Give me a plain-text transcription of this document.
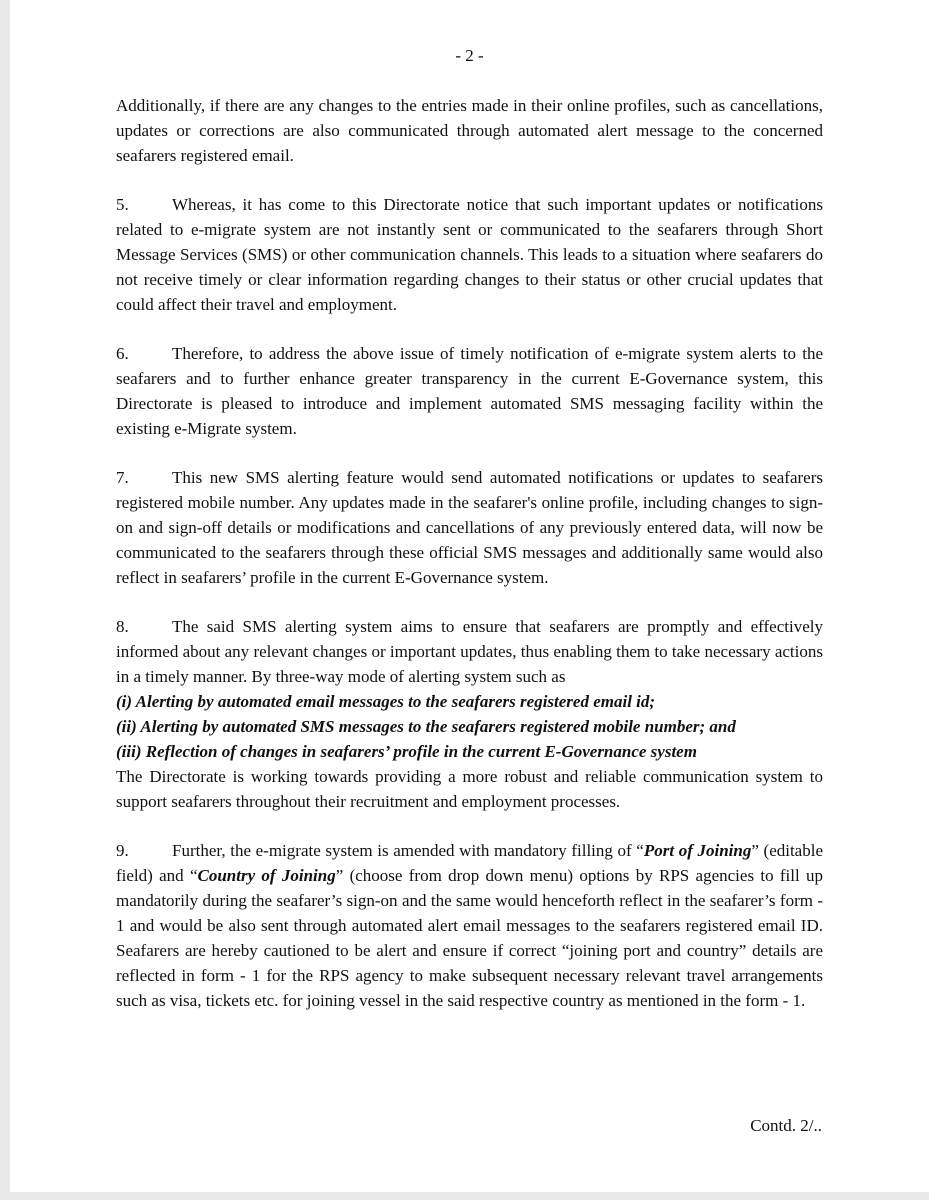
- 2 -

Additionally, if there are any changes to the entries made in their online profiles, such as cancellations, updates or corrections are also communicated through automated alert message to the concerned seafarers registered email.

5.	Whereas, it has come to this Directorate notice that such important updates or notifications related to e-migrate system are not instantly sent or communicated to the seafarers through Short Message Services (SMS) or other communication channels. This leads to a situation where seafarers do not receive timely or clear information regarding changes to their status or other crucial updates that could affect their travel and employment.

6.	Therefore, to address the above issue of timely notification of e-migrate system alerts to the seafarers and to further enhance greater transparency in the current E-Governance system, this Directorate is pleased to introduce and implement automated SMS messaging facility within the existing e-Migrate system.

7.	This new SMS alerting feature would send automated notifications or updates to seafarers registered mobile number. Any updates made in the seafarer's online profile, including changes to sign-on and sign-off details or modifications and cancellations of any previously entered data, will now be communicated to the seafarers through these official SMS messages and additionally same would also reflect in seafarers’ profile in the current E-Governance system.

8.	The said SMS alerting system aims to ensure that seafarers are promptly and effectively informed about any relevant changes or important updates, thus enabling them to take necessary actions in a timely manner. By three-way mode of alerting system such as
(i) Alerting by automated email messages to the seafarers registered email id;
(ii) Alerting by automated SMS messages to the seafarers registered mobile number; and
(iii) Reflection of changes in seafarers’ profile in the current E-Governance system
The Directorate is working towards providing a more robust and reliable communication system to support seafarers throughout their recruitment and employment processes.

9.	Further, the e-migrate system is amended with mandatory filling of “Port of Joining” (editable field) and “Country of Joining” (choose from drop down menu) options by RPS agencies to fill up mandatorily during the seafarer’s sign-on and the same would henceforth reflect in the seafarer’s form - 1 and would be also sent through automated alert email messages to the seafarers registered email ID. Seafarers are hereby cautioned to be alert and ensure if correct “joining port and country” details are reflected in form - 1 for the RPS agency to make subsequent necessary relevant travel arrangements such as visa, tickets etc. for joining vessel in the said respective country as mentioned in the form - 1.

Contd. 2/..
